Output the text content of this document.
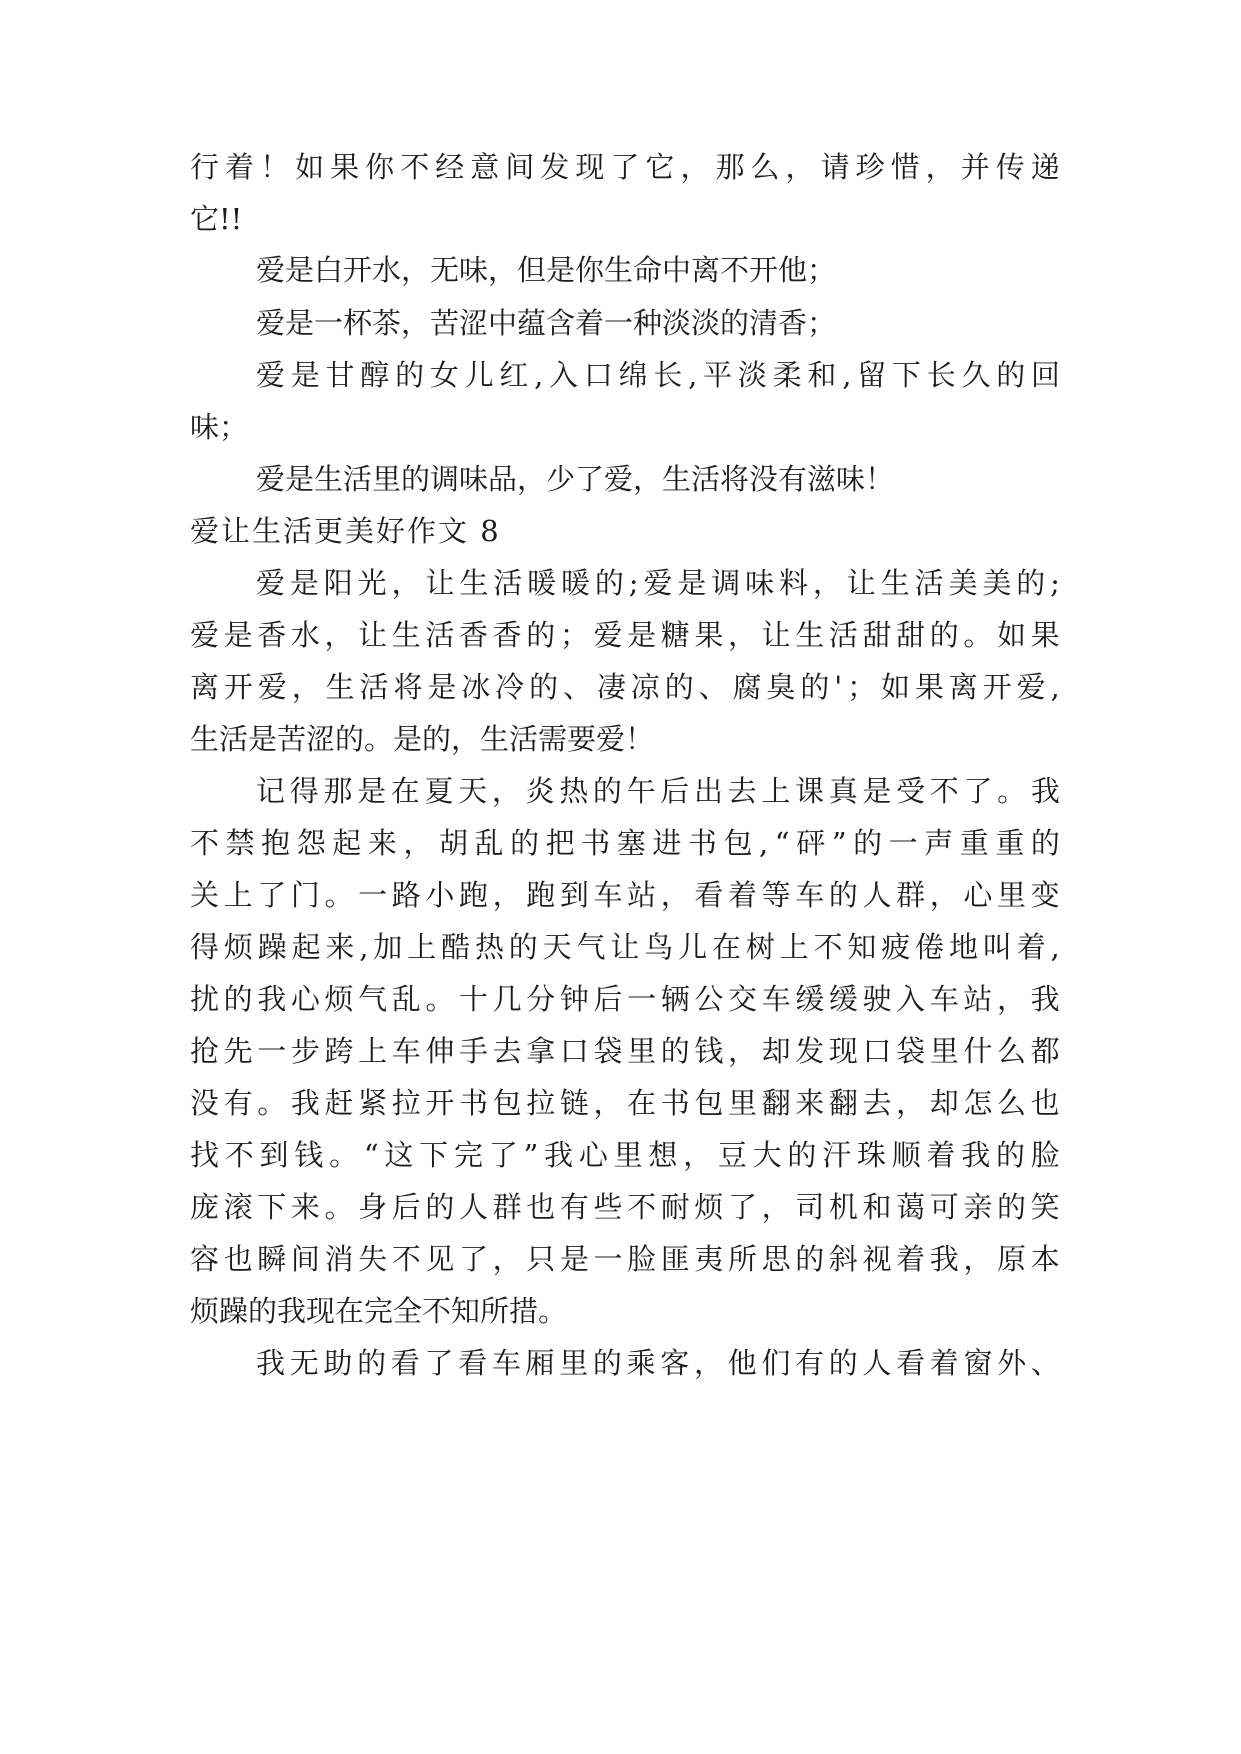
行 着 ！ 如 果 你 不 经 意 间 发 现 了 它 ， 那 么 ， 请 珍 惜 ， 并 传 递
它!!
爱是白开水，无味，但是你生命中离不开他；
爱是一杯茶，苦涩中蕴含着一种淡淡的清香；
爱 是 甘 醇 的 女 儿 红 , 入 口 绵 长 , 平 淡 柔 和 , 留 下 长 久 的 回
味；
爱是生活里的调味品，少了爱，生活将没有滋味！
爱让生活更美好作文 8
爱 是 阳 光 ， 让 生 活 暖 暖 的 ; 爱 是 调 味 料 ， 让 生 活 美 美 的 ;
爱 是 香 水 ， 让 生 活 香 香 的 ； 爱 是 糖 果 ， 让 生 活 甜 甜 的 。 如 果
离 开 爱 ， 生 活 将 是 冰 冷 的 、 凄 凉 的 、 腐 臭 的 ' ； 如 果 离 开 爱 ,
生活是苦涩的。是的，生活需要爱！
记 得 那 是 在 夏 天 ， 炎 热 的 午 后 出 去 上 课 真 是 受 不 了 。 我
不 禁 抱 怨 起 来 ， 胡 乱 的 把 书 塞 进 书 包 , “ 砰 ” 的 一 声 重 重 的
关 上 了 门 。 一 路 小 跑 ， 跑 到 车 站 ， 看 着 等 车 的 人 群 ， 心 里 变
得 烦 躁 起 来 , 加 上 酷 热 的 天 气 让 鸟 儿 在 树 上 不 知 疲 倦 地 叫 着 ,
扰 的 我 心 烦 气 乱 。 十 几 分 钟 后 一 辆 公 交 车 缓 缓 驶 入 车 站 ， 我
抢 先 一 步 跨 上 车 伸 手 去 拿 口 袋 里 的 钱 ， 却 发 现 口 袋 里 什 么 都
没 有 。 我 赶 紧 拉 开 书 包 拉 链 ， 在 书 包 里 翻 来 翻 去 ， 却 怎 么 也
找 不 到 钱 。 “ 这 下 完 了 ” 我 心 里 想 ， 豆 大 的 汗 珠 顺 着 我 的 脸
庞 滚 下 来 。 身 后 的 人 群 也 有 些 不 耐 烦 了 ， 司 机 和 蔼 可 亲 的 笑
容 也 瞬 间 消 失 不 见 了 ， 只 是 一 脸 匪 夷 所 思 的 斜 视 着 我 ， 原 本
烦躁的我现在完全不知所措。
我 无 助 的 看 了 看 车 厢 里 的 乘 客 ， 他 们 有 的 人 看 着 窗 外 、
